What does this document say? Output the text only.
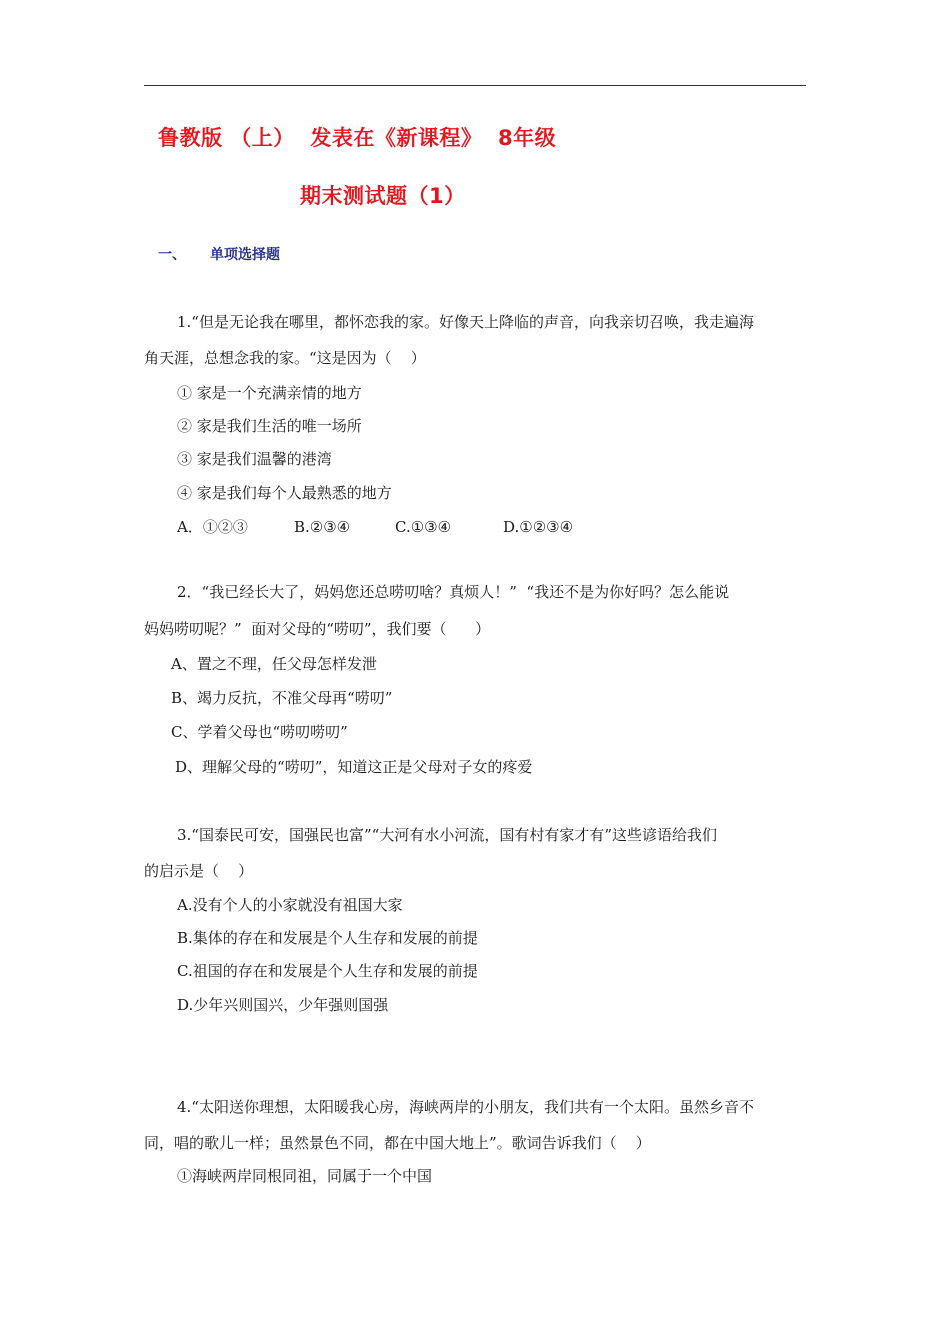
鲁教版 （上）  发表在《新课程》  8年级
期末测试题（1）
一、 单项选择题
1.“但是无论我在哪里，都怀恋我的家。好像天上降临的声音，向我亲切召唤，我走遍海
角天涯，总想念我的家。“这是因为（    ）
① 家是一个充满亲情的地方
② 家是我们生活的唯一场所
③ 家是我们温馨的港湾
④ 家是我们每个人最熟悉的地方
A．①②③	B.②③④	C.①③④	D.①②③④
2．“我已经长大了，妈妈您还总唠叨啥？真烦人！”  “我还不是为你好吗？怎么能说
妈妈唠叨呢？”  面对父母的“唠叨”，我们要（      ）
A、置之不理，任父母怎样发泄
B、竭力反抗，不准父母再“唠叨”
C、学着父母也“唠叨唠叨”
D、理解父母的“唠叨”，知道这正是父母对子女的疼爱
3.“国泰民可安，国强民也富”“大河有水小河流，国有村有家才有”这些谚语给我们
的启示是（    ）
A.没有个人的小家就没有祖国大家
B.集体的存在和发展是个人生存和发展的前提
C.祖国的存在和发展是个人生存和发展的前提
D.少年兴则国兴，少年强则国强
4.“太阳送你理想，太阳暖我心房，海峡两岸的小朋友，我们共有一个太阳。虽然乡音不
同，唱的歌儿一样；虽然景色不同，都在中国大地上”。歌词告诉我们（    ）
①海峡两岸同根同祖，同属于一个中国
